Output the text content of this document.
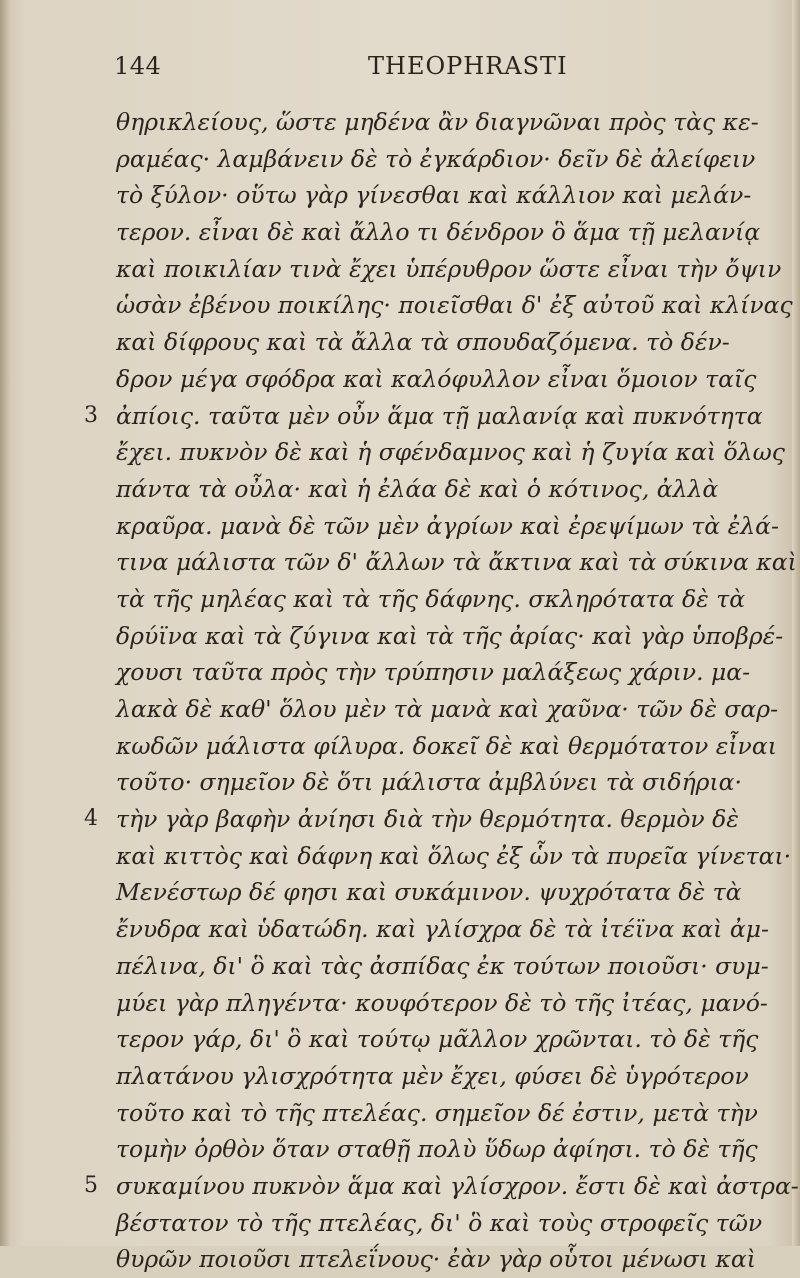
144	THEOPHRASTI
θηρικλείους, ὥστε μηδένα ἂν διαγνῶναι πρὸς τὰς κε-
ραμέας· λαμβάνειν δὲ τὸ ἐγκάρδιον· δεῖν δὲ ἀλείφειν
τὸ ξύλον· οὕτω γὰρ γίνεσθαι καὶ κάλλιον καὶ μελάν-
τερον. εἶναι δὲ καὶ ἄλλο τι δένδρον ὃ ἅμα τῇ μελανίᾳ
καὶ ποικιλίαν τινὰ ἔχει ὑπέρυθρον ὥστε εἶναι τὴν ὄψιν
ὡσὰν ἐβένου ποικίλης· ποιεῖσθαι δ' ἐξ αὐτοῦ καὶ κλίνας
καὶ δίφρους καὶ τὰ ἄλλα τὰ σπουδαζόμενα. τὸ δέν-
δρον μέγα σφόδρα καὶ καλόφυλλον εἶναι ὅμοιον ταῖς
3 ἀπίοις. ταῦτα μὲν οὖν ἅμα τῇ μαλανίᾳ καὶ πυκνότητα
ἔχει. πυκνὸν δὲ καὶ ἡ σφένδαμνος καὶ ἡ ζυγία καὶ ὅλως
πάντα τὰ οὖλα· καὶ ἡ ἐλάα δὲ καὶ ὁ κότινος, ἀλλὰ
κραῦρα. μανὰ δὲ τῶν μὲν ἀγρίων καὶ ἐρεψίμων τὰ ἐλά-
τινα μάλιστα τῶν δ' ἄλλων τὰ ἄκτινα καὶ τὰ σύκινα καὶ
τὰ τῆς μηλέας καὶ τὰ τῆς δάφνης. σκληρότατα δὲ τὰ
δρύϊνα καὶ τὰ ζύγινα καὶ τὰ τῆς ἀρίας· καὶ γὰρ ὑποβρέ-
χουσι ταῦτα πρὸς τὴν τρύπησιν μαλάξεως χάριν. μα-
λακὰ δὲ καθ' ὅλου μὲν τὰ μανὰ καὶ χαῦνα· τῶν δὲ σαρ-
κωδῶν μάλιστα φίλυρα. δοκεῖ δὲ καὶ θερμότατον εἶναι
τοῦτο· σημεῖον δὲ ὅτι μάλιστα ἀμβλύνει τὰ σιδήρια·
4 τὴν γὰρ βαφὴν ἀνίησι διὰ τὴν θερμότητα. θερμὸν δὲ
καὶ κιττὸς καὶ δάφνη καὶ ὅλως ἐξ ὧν τὰ πυρεῖα γίνεται·
Μενέστωρ δέ φησι καὶ συκάμινον. ψυχρότατα δὲ τὰ
ἔνυδρα καὶ ὑδατώδη. καὶ γλίσχρα δὲ τὰ ἰτέϊνα καὶ ἀμ-
πέλινα, δι' ὃ καὶ τὰς ἀσπίδας ἐκ τούτων ποιοῦσι· συμ-
μύει γὰρ πληγέντα· κουφότερον δὲ τὸ τῆς ἰτέας, μανό-
τερον γάρ, δι' ὃ καὶ τούτῳ μᾶλλον χρῶνται. τὸ δὲ τῆς
πλατάνου γλισχρότητα μὲν ἔχει, φύσει δὲ ὑγρότερον
τοῦτο καὶ τὸ τῆς πτελέας. σημεῖον δέ ἐστιν, μετὰ τὴν
τομὴν ὀρθὸν ὅταν σταθῇ πολὺ ὕδωρ ἀφίησι. τὸ δὲ τῆς
5 συκαμίνου πυκνὸν ἅμα καὶ γλίσχρον. ἔστι δὲ καὶ ἀστρα-
βέστατον τὸ τῆς πτελέας, δι' ὃ καὶ τοὺς στροφεῖς τῶν
θυρῶν ποιοῦσι πτελεΐνους· ἐὰν γὰρ οὗτοι μένωσι καὶ
